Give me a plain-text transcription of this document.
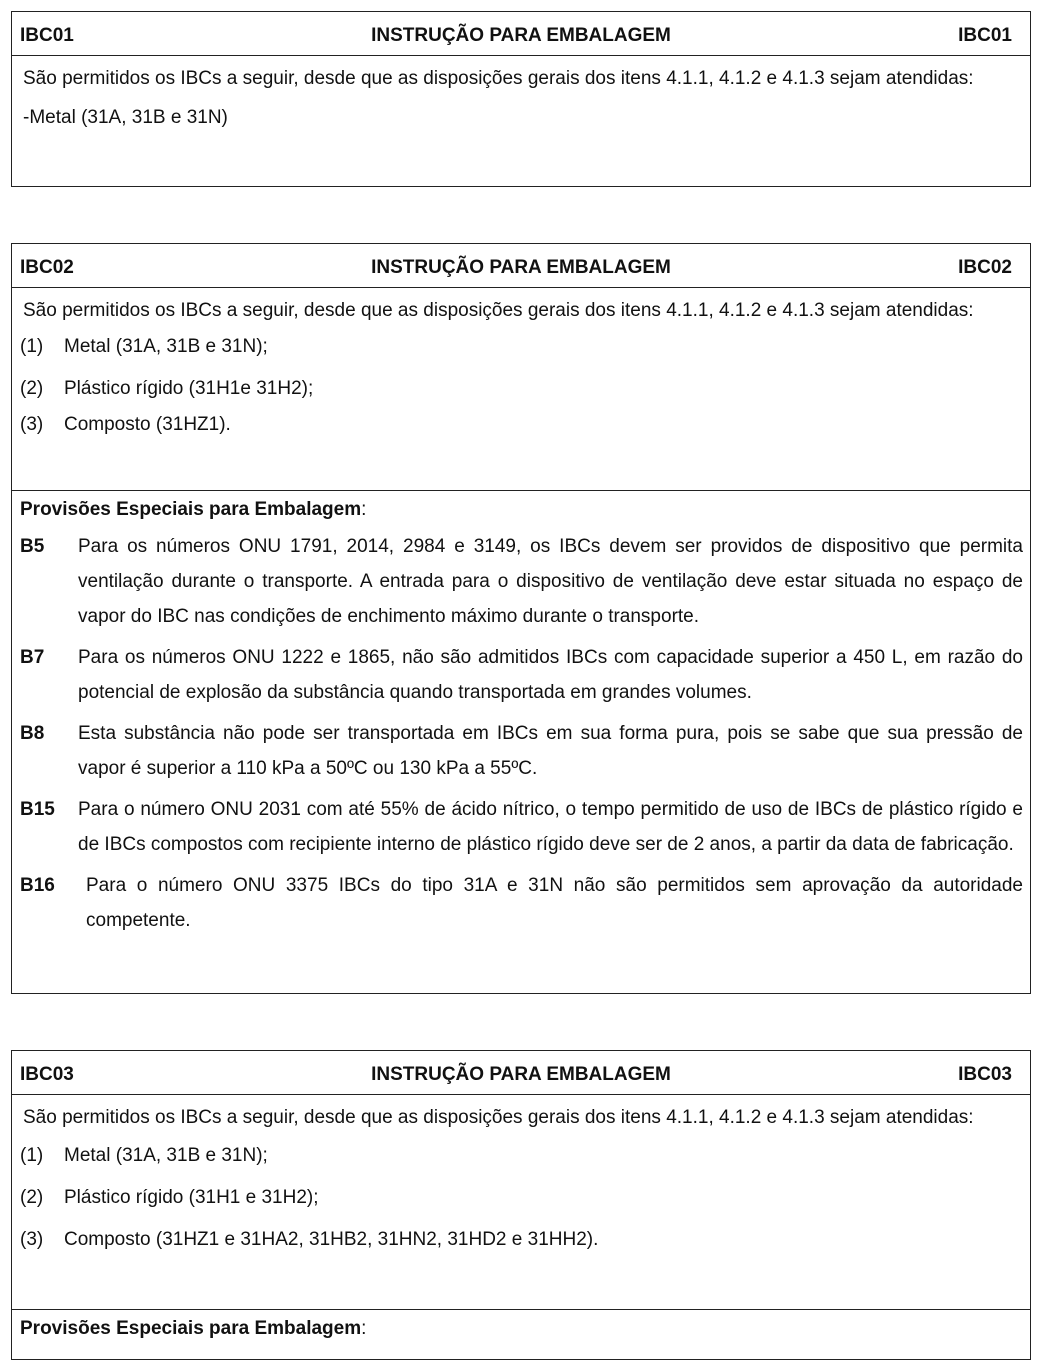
IBC01	INSTRUÇÃO PARA EMBALAGEM	IBC01
São permitidos os IBCs a seguir, desde que as disposições gerais dos itens 4.1.1, 4.1.2 e 4.1.3 sejam atendidas:
-Metal (31A, 31B e 31N)
IBC02	INSTRUÇÃO PARA EMBALAGEM	IBC02
São permitidos os IBCs a seguir, desde que as disposições gerais dos itens 4.1.1, 4.1.2 e 4.1.3 sejam atendidas:
(1) Metal (31A, 31B e 31N);
(2) Plástico rígido (31H1e 31H2);
(3) Composto (31HZ1).
Provisões Especiais para Embalagem:
B5 Para os números ONU 1791, 2014, 2984 e 3149, os IBCs devem ser providos de dispositivo que permita ventilação durante o transporte. A entrada para o dispositivo de ventilação deve estar situada no espaço de vapor do IBC nas condições de enchimento máximo durante o transporte.
B7 Para os números ONU 1222 e 1865, não são admitidos IBCs com capacidade superior a 450 L, em razão do potencial de explosão da substância quando transportada em grandes volumes.
B8 Esta substância não pode ser transportada em IBCs em sua forma pura, pois se sabe que sua pressão de vapor é superior a 110 kPa a 50ºC ou 130 kPa a 55ºC.
B15 Para o número ONU 2031 com até 55% de ácido nítrico, o tempo permitido de uso de IBCs de plástico rígido e de IBCs compostos com recipiente interno de plástico rígido deve ser de 2 anos, a partir da data de fabricação.
B16 Para o número ONU 3375 IBCs do tipo 31A e 31N não são permitidos sem aprovação da autoridade competente.
IBC03	INSTRUÇÃO PARA EMBALAGEM	IBC03
São permitidos os IBCs a seguir, desde que as disposições gerais dos itens 4.1.1, 4.1.2 e 4.1.3 sejam atendidas:
(1) Metal (31A, 31B e 31N);
(2) Plástico rígido (31H1 e 31H2);
(3) Composto (31HZ1 e 31HA2, 31HB2, 31HN2, 31HD2 e 31HH2).
Provisões Especiais para Embalagem:
